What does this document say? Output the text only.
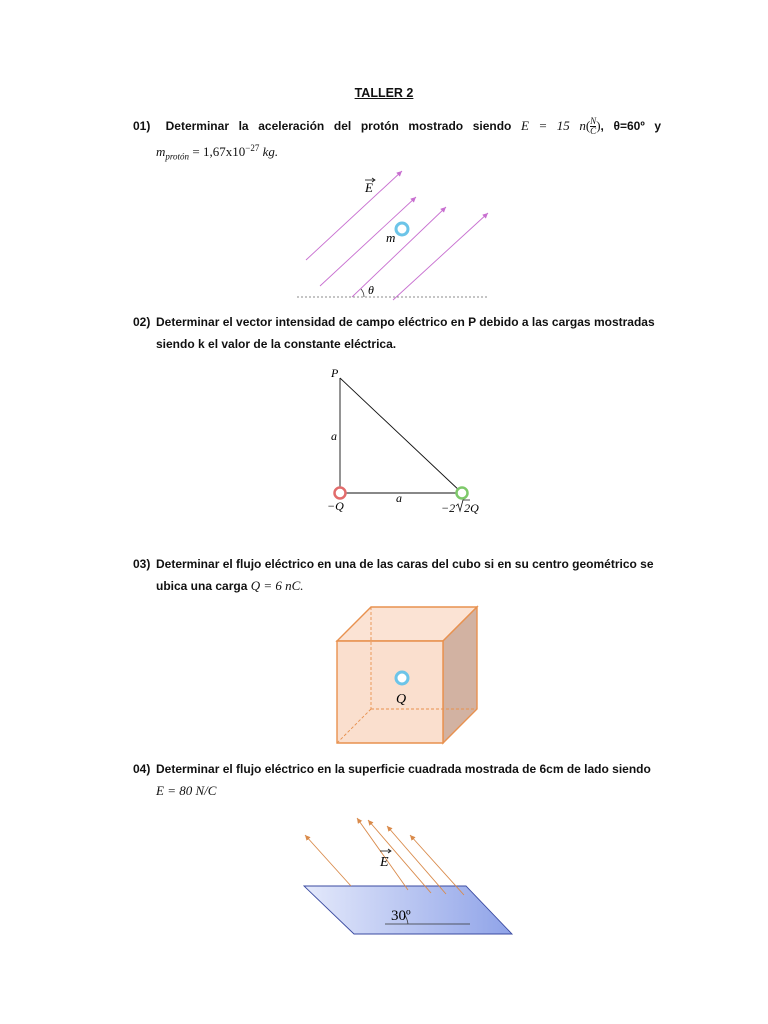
TALLER 2
01) Determinar la aceleración del protón mostrado siendo E = 15 $n( \frac{N}{C}$ ), θ=60º y
$m_{protón} = 1,67x10^{-27}$ kg.
E
m
θ
02) Determinar el vector intensidad de campo eléctrico en P debido a las cargas mostradas
siendo k el valor de la constante eléctrica.
P
a
a
−Q	−2 2Q
03) Determinar el flujo eléctrico en una de las caras del cubo si en su centro geométrico se
ubica una carga Q = 6 nC.
Q
04) Determinar el flujo eléctrico en la superficie cuadrada mostrada de 6cm de lado siendo
E = 80 N/C
E
30º
